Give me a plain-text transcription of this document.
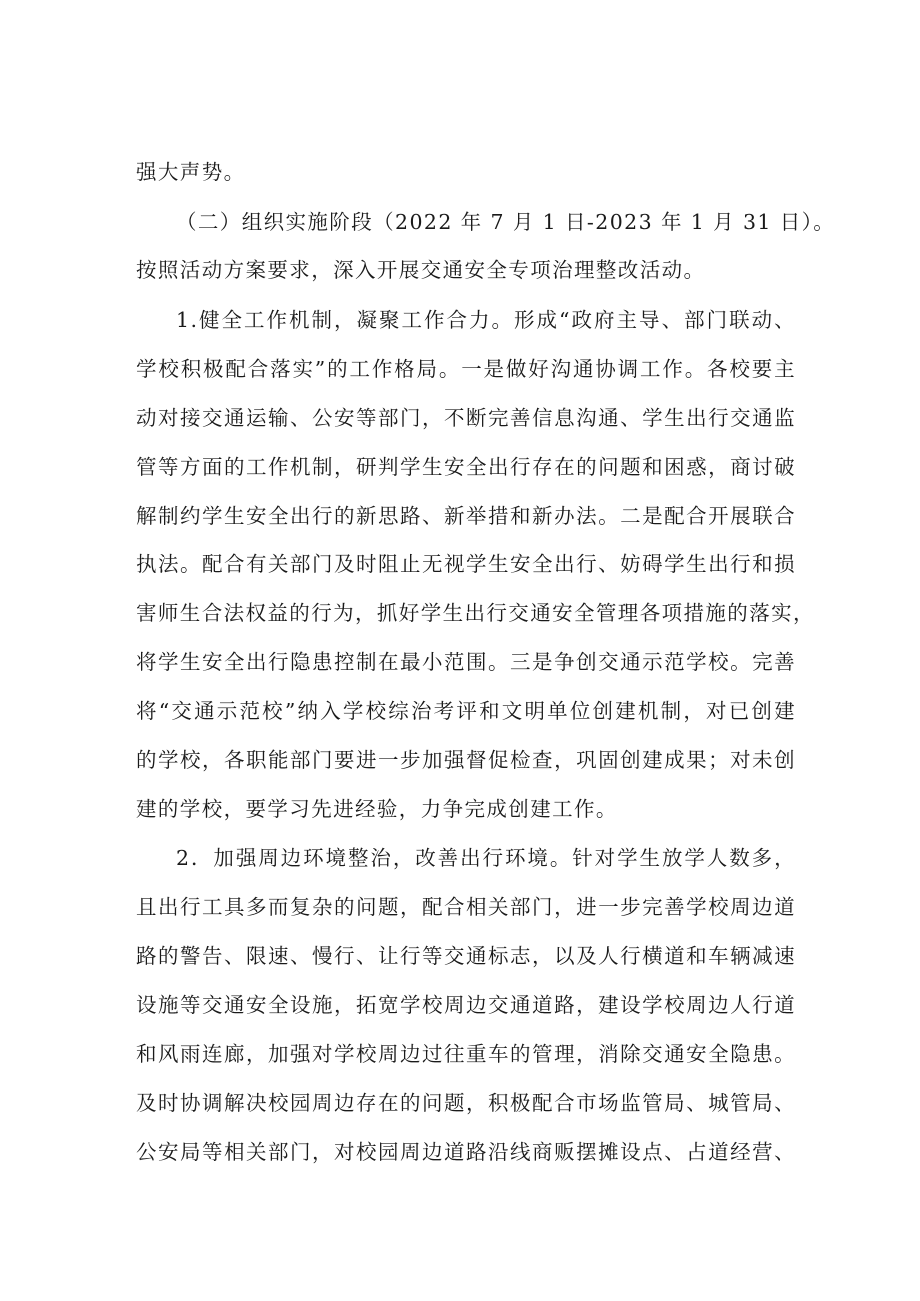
强大声势。
（二）组织实施阶段（2022 年 7 月 1 日-2023 年 1 月 31 日）。
按照活动方案要求，深入开展交通安全专项治理整改活动。
1.健全工作机制，凝聚工作合力。形成“政府主导、部门联动、
学校积极配合落实”的工作格局。一是做好沟通协调工作。各校要主
动对接交通运输、公安等部门，不断完善信息沟通、学生出行交通监
管等方面的工作机制，研判学生安全出行存在的问题和困惑，商讨破
解制约学生安全出行的新思路、新举措和新办法。二是配合开展联合
执法。配合有关部门及时阻止无视学生安全出行、妨碍学生出行和损
害师生合法权益的行为，抓好学生出行交通安全管理各项措施的落实，
将学生安全出行隐患控制在最小范围。三是争创交通示范学校。完善
将“交通示范校”纳入学校综治考评和文明单位创建机制，对已创建
的学校，各职能部门要进一步加强督促检查，巩固创建成果；对未创
建的学校，要学习先进经验，力争完成创建工作。
2．加强周边环境整治，改善出行环境。针对学生放学人数多，
且出行工具多而复杂的问题，配合相关部门，进一步完善学校周边道
路的警告、限速、慢行、让行等交通标志，以及人行横道和车辆减速
设施等交通安全设施，拓宽学校周边交通道路，建设学校周边人行道
和风雨连廊，加强对学校周边过往重车的管理，消除交通安全隐患。
及时协调解决校园周边存在的问题，积极配合市场监管局、城管局、
公安局等相关部门，对校园周边道路沿线商贩摆摊设点、占道经营、
